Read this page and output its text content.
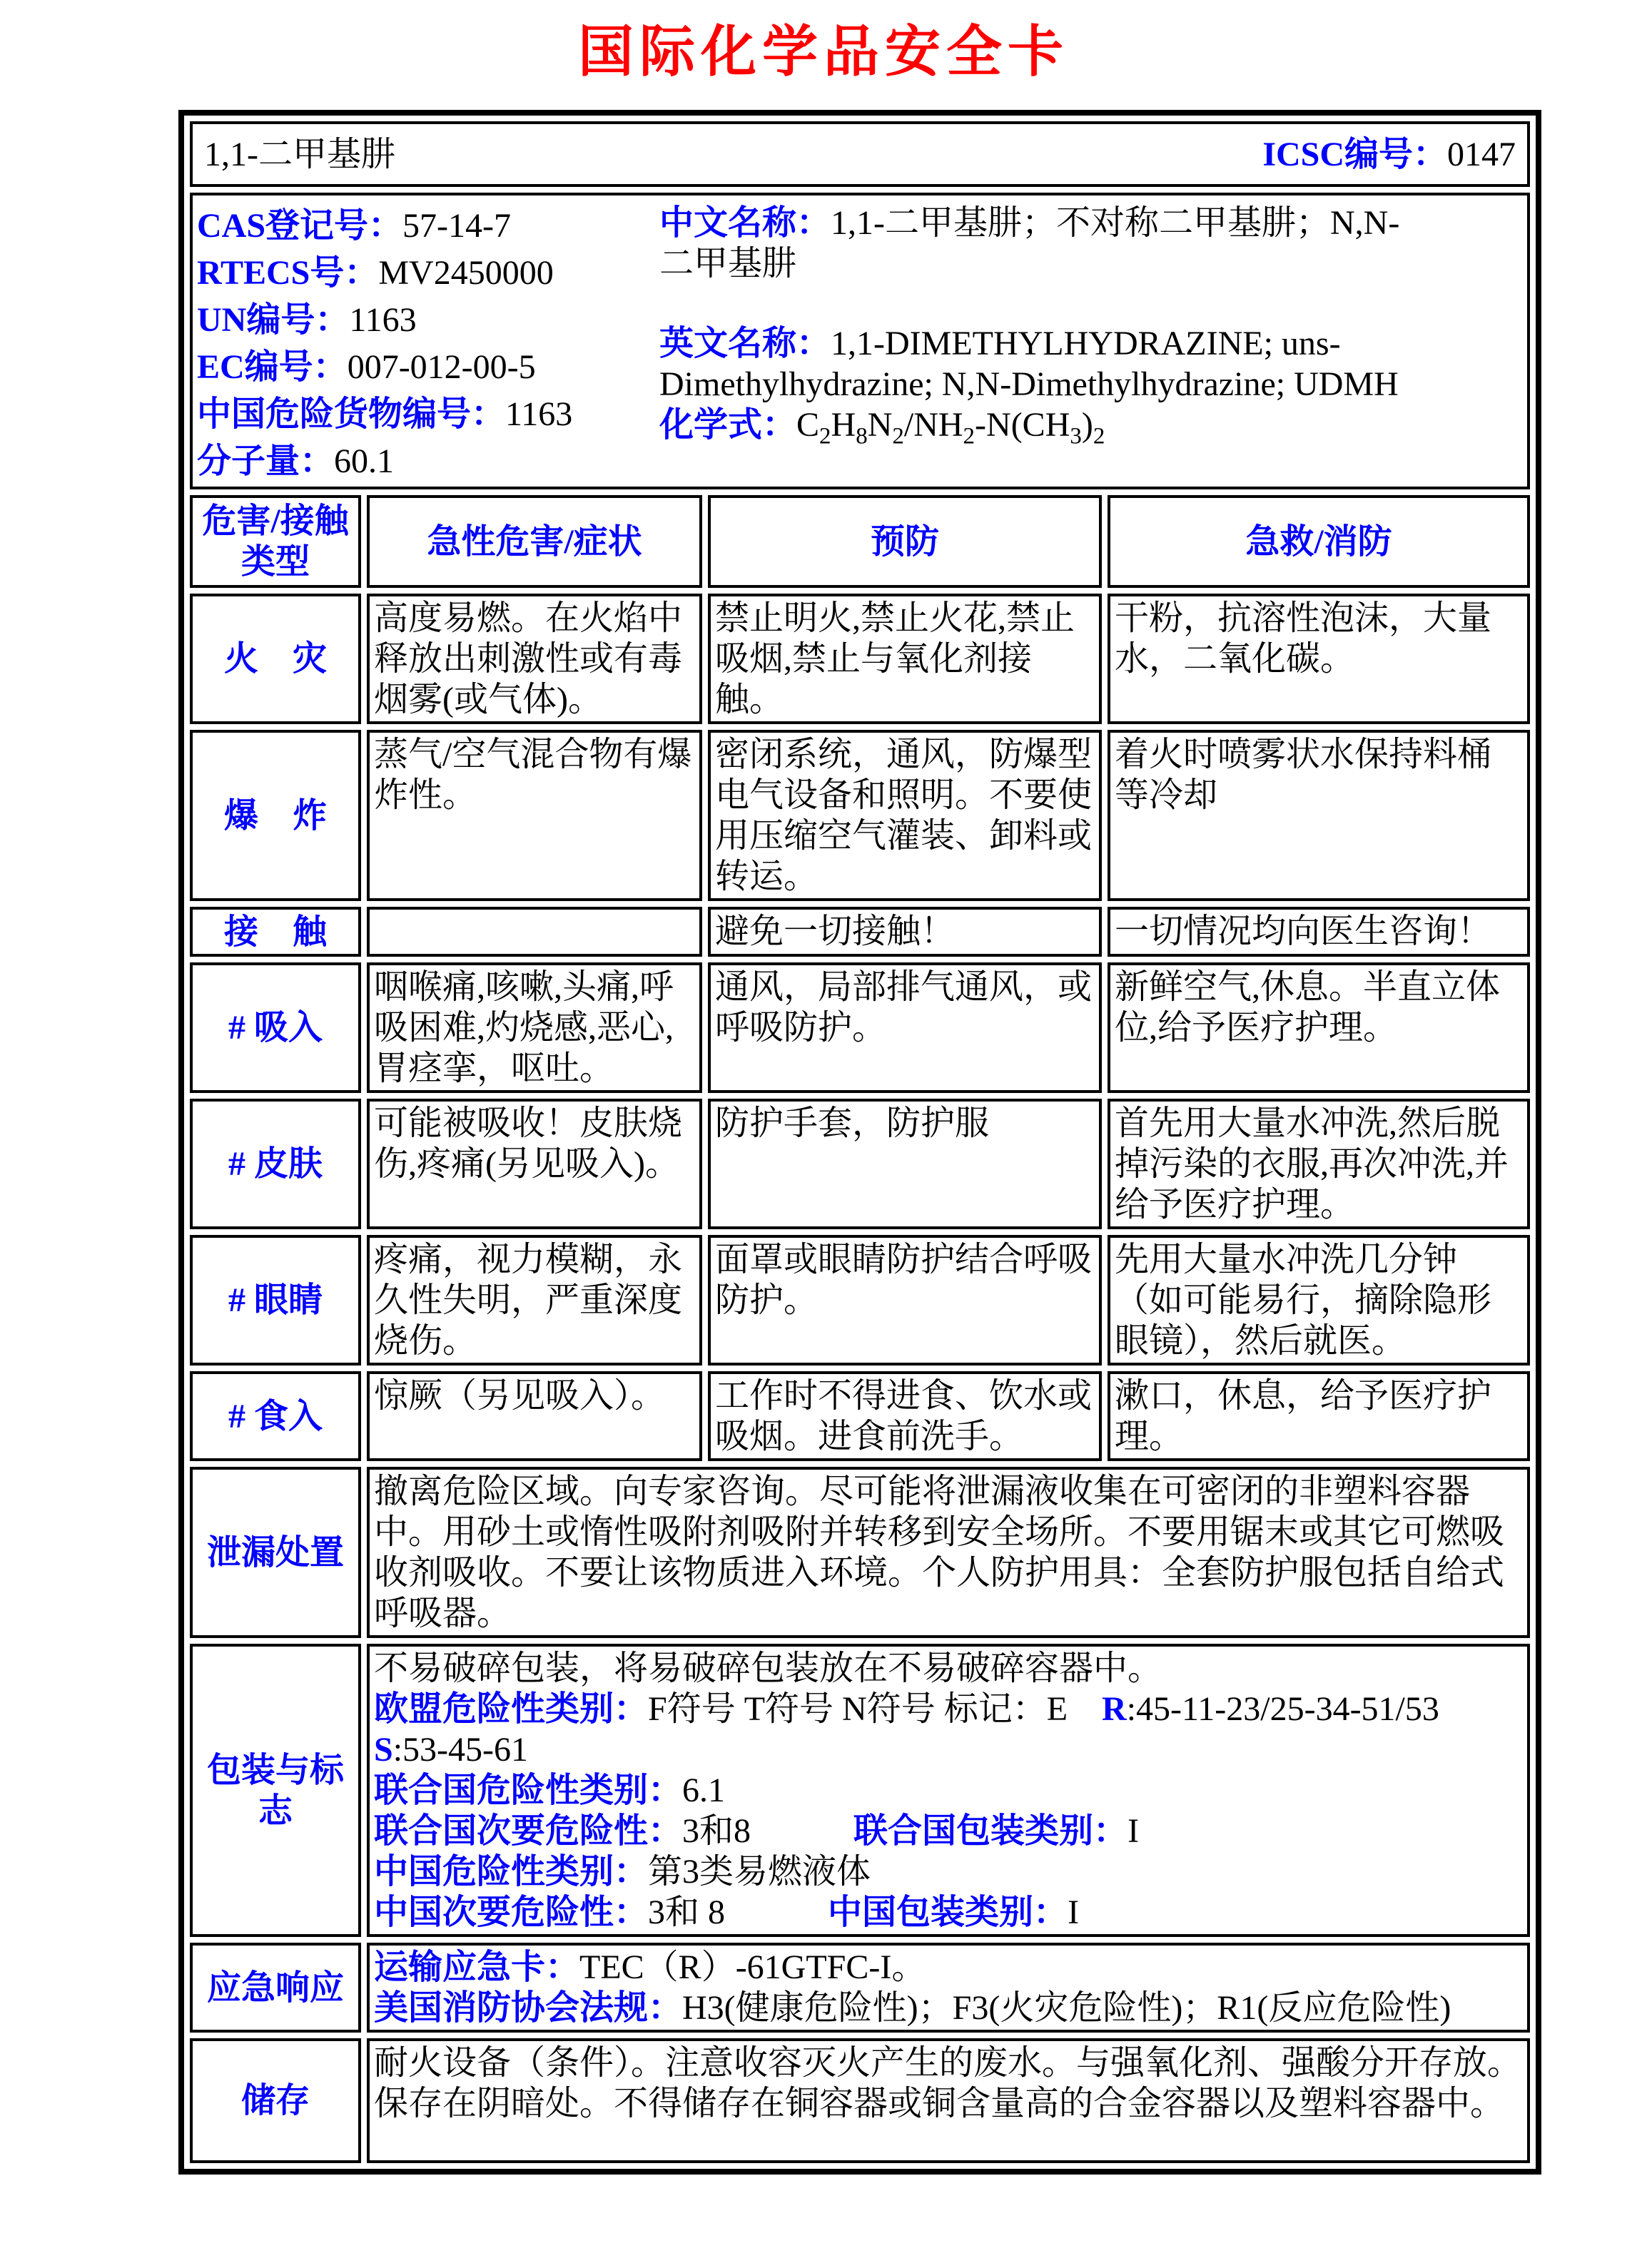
国际化学品安全卡
1,1-二甲基肼 ICSC编号：0147			

CAS登记号：57-14-7
RTECS号：MV2450000
UN编号：1163
EC编号：007-012-00-5
中国危险货物编号：1163
分子量：60.1
中文名称：1,1-二甲基肼；不对称二甲基肼；N,N-二甲基肼
英文名称：1,1-DIMETHYLHYDRAZINE; uns-Dimethylhydrazine; N,N-Dimethylhydrazine; UDMH
化学式：$C_2H_8N_2/NH_2-N(CH_3)_2$

危害/接触类型	急性危害/症状	预防	急救/消防
火　灾	高度易燃。在火焰中释放出刺激性或有毒烟雾(或气体)。	禁止明火,禁止火花,禁止吸烟,禁止与氧化剂接触。	干粉，抗溶性泡沫，大量水，二氧化碳。
爆　炸	蒸气/空气混合物有爆炸性。	密闭系统，通风，防爆型电气设备和照明。不要使用压缩空气灌装、卸料或转运。	着火时喷雾状水保持料桶等冷却
接　触		避免一切接触！	一切情况均向医生咨询！
# 吸入	咽喉痛,咳嗽,头痛,呼吸困难,灼烧感,恶心,胃痉挛，呕吐。	通风，局部排气通风，或呼吸防护。	新鲜空气,休息。半直立体位,给予医疗护理。
# 皮肤	可能被吸收！皮肤烧伤,疼痛(另见吸入)。	防护手套，防护服	首先用大量水冲洗,然后脱掉污染的衣服,再次冲洗,并给予医疗护理。
# 眼睛	疼痛，视力模糊，永久性失明，严重深度烧伤。	面罩或眼睛防护结合呼吸防护。	先用大量水冲洗几分钟（如可能易行，摘除隐形眼镜），然后就医。
# 食入	惊厥（另见吸入）。	工作时不得进食、饮水或吸烟。进食前洗手。	漱口，休息，给予医疗护理。
泄漏处置	撤离危险区域。向专家咨询。尽可能将泄漏液收集在可密闭的非塑料容器中。用砂土或惰性吸附剂吸附并转移到安全场所。不要用锯末或其它可燃吸收剂吸收。不要让该物质进入环境。个人防护用具：全套防护服包括自给式呼吸器。		

包装与标志	
不易破碎包装，将易破碎包装放在不易破碎容器中。
欧盟危险性类别：F符号 T符号 N符号 标记：E　 R:45-11-23/25-34-51/53
S:53-45-61
联合国危险性类别：6.1
联合国次要危险性：3和8　　　	联合国包装类别：I
中国危险性类别：第3类易燃液体
中国次要危险性：3和 8　　　	中国包装类别：I

应急响应	运输应急卡：TEC（R）-61GTFC-I。
美国消防协会法规：H3(健康危险性)；F3(火灾危险性)；R1(反应危险性)		

储存	耐火设备（条件）。注意收容灭火产生的废水。与强氧化剂、强酸分开存放。保存在阴暗处。不得储存在铜容器或铜含量高的合金容器以及塑料容器中。		
